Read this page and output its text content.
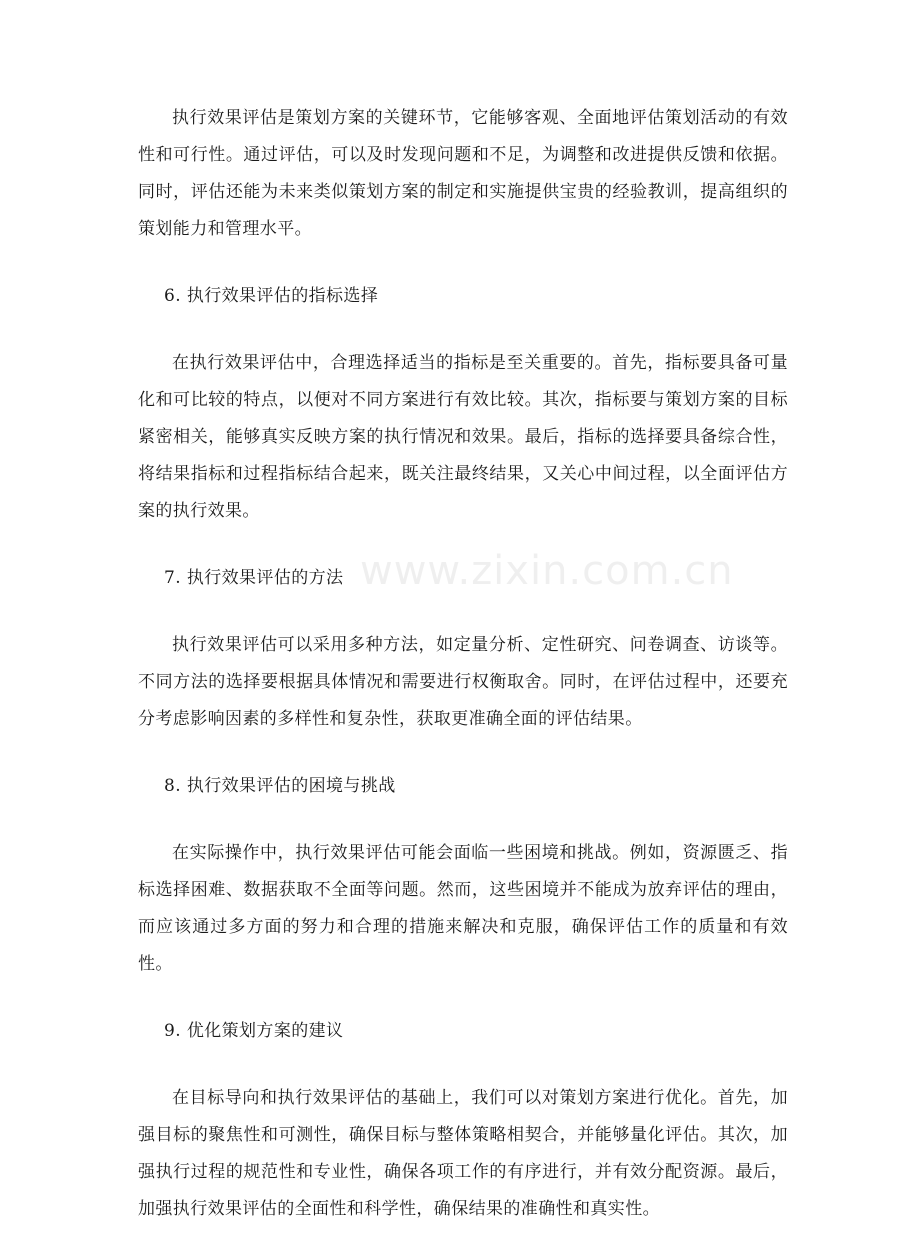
执行效果评估是策划方案的关键环节，它能够客观、全面地评估策划活动的有效性和可行性。通过评估，可以及时发现问题和不足，为调整和改进提供反馈和依据。同时，评估还能为未来类似策划方案的制定和实施提供宝贵的经验教训，提高组织的策划能力和管理水平。

6. 执行效果评估的指标选择

在执行效果评估中，合理选择适当的指标是至关重要的。首先，指标要具备可量化和可比较的特点，以便对不同方案进行有效比较。其次，指标要与策划方案的目标紧密相关，能够真实反映方案的执行情况和效果。最后，指标的选择要具备综合性，将结果指标和过程指标结合起来，既关注最终结果，又关心中间过程，以全面评估方案的执行效果。

7. 执行效果评估的方法

执行效果评估可以采用多种方法，如定量分析、定性研究、问卷调查、访谈等。不同方法的选择要根据具体情况和需要进行权衡取舍。同时，在评估过程中，还要充分考虑影响因素的多样性和复杂性，获取更准确全面的评估结果。

8. 执行效果评估的困境与挑战

在实际操作中，执行效果评估可能会面临一些困境和挑战。例如，资源匮乏、指标选择困难、数据获取不全面等问题。然而，这些困境并不能成为放弃评估的理由，而应该通过多方面的努力和合理的措施来解决和克服，确保评估工作的质量和有效性。

9. 优化策划方案的建议

在目标导向和执行效果评估的基础上，我们可以对策划方案进行优化。首先，加强目标的聚焦性和可测性，确保目标与整体策略相契合，并能够量化评估。其次，加强执行过程的规范性和专业性，确保各项工作的有序进行，并有效分配资源。最后，加强执行效果评估的全面性和科学性，确保结果的准确性和真实性。

www.zixin.com.cn
